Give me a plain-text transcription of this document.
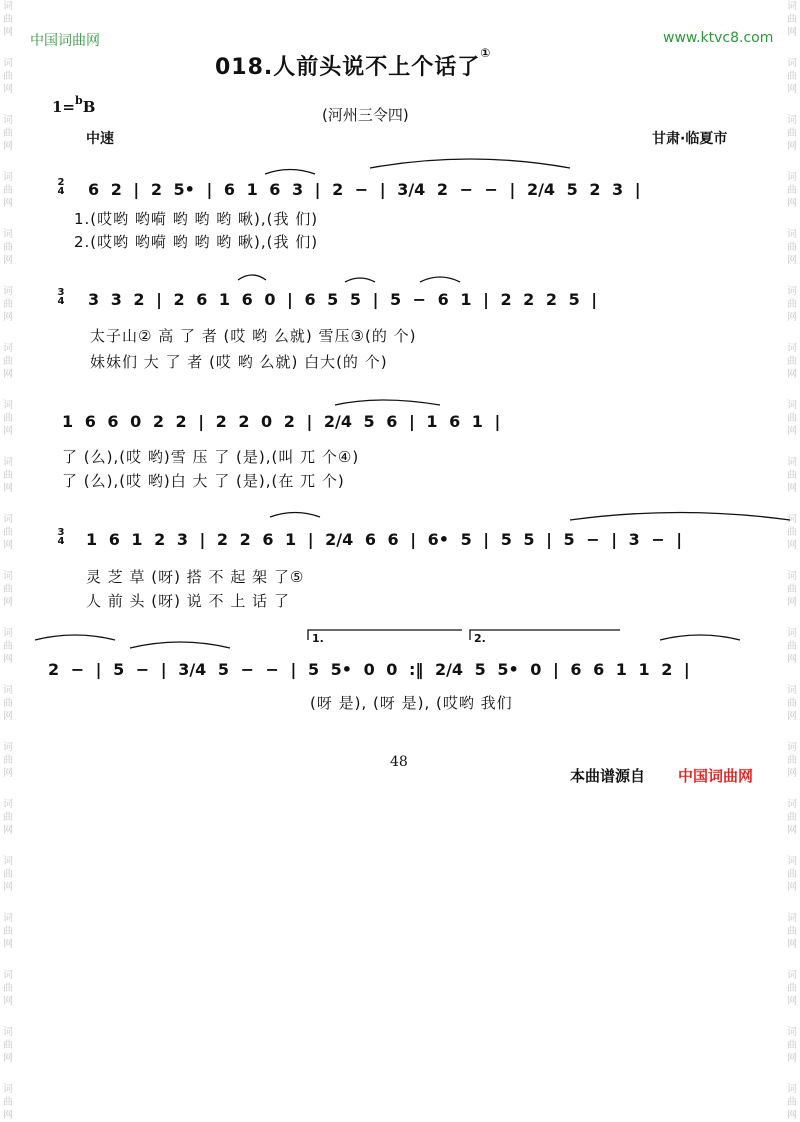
词
曲
网
词
曲
网
词
曲
网
词
曲
网
词
曲
网
词
曲
网
词
曲
网
词
曲
网
词
曲
网
词
曲
网
词
曲
网
词
曲
网
词
曲
网
词
曲
网
词
曲
网
词
曲
网
词
曲
网
词
曲
网
词
曲
网
词
曲
网
词
曲
网
词
曲
网
词
曲
网
词
曲
网
词
曲
网
词
曲
网
词
曲
网
词
曲
网
词
曲
网
词
曲
网
词
曲
网
词
曲
网
词
曲
网
词
曲
网
词
曲
网
词
曲
网
词
曲
网
词
曲
网
词
曲
网
词
曲
网
中国词曲网	www.ktvc8.com
018.人前头说不上个话了①
1=$^b$B	(河州三令四)
中速	甘肃·临夏市
2
4 6 2 | 2 5• | 6 1 6 3 | 2 − | 3/4 2 − − | 2/4 5 2 3 |
1.(哎哟 哟嗬 哟 哟 哟 啾),(我 们)
2.(哎哟 哟嗬 哟 哟 哟 啾),(我 们)
3
4 3 3 2 | 2 6 1 6 0 | 6 5 5 | 5 − 6 1 | 2 2 2 5 |
太子山② 高 了 者 (哎 哟 么就) 雪压③(的 个)
妹妹们 大 了 者 (哎 哟 么就) 白大(的 个)
1 6 6 0 2 2 | 2 2 0 2 | 2/4 5 6 | 1 6 1 |
了 (么),(哎 哟)雪 压 了 (是),(叫 兀 个④)
了 (么),(哎 哟)白 大 了 (是),(在 兀 个)
3
4 1 6 1 2 3 | 2 2 6 1 | 2/4 6 6 | 6• 5 | 5 5 | 5 − | 3 − |
灵 芝 草 (呀) 搭 不 起 架 了⑤
人 前 头 (呀) 说 不 上 话 了
1.	2.
2 − | 5 − | 3/4 5 − − | 5 5• 0 0 :‖ 2/4 5 5• 0 | 6 6 1 1 2 |
(呀 是), (呀 是), (哎哟 我们
48
本曲谱源自 中国词曲网
